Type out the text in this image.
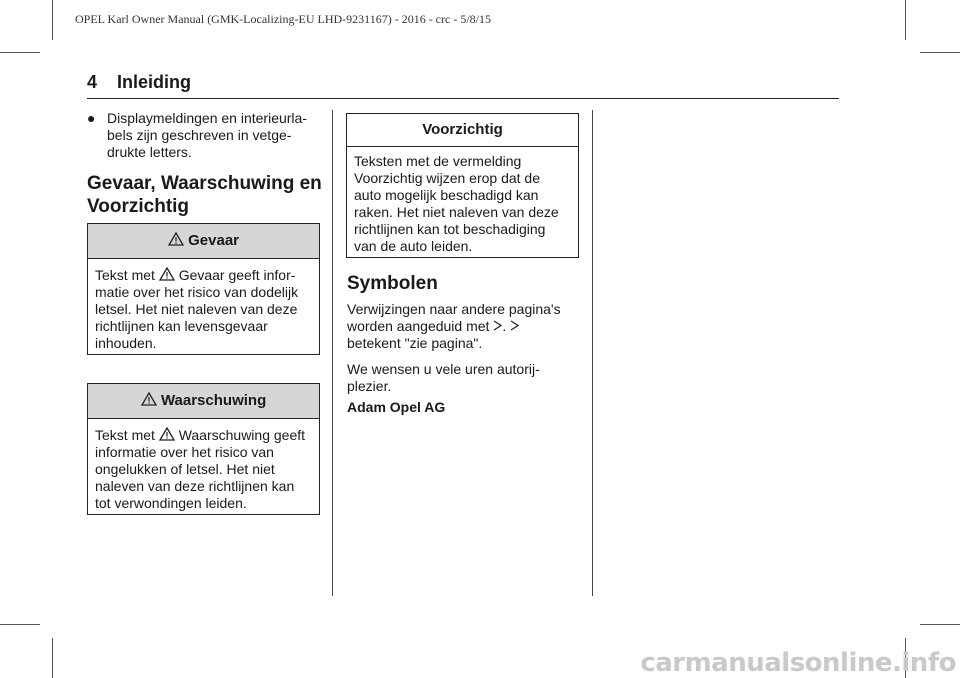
OPEL Karl Owner Manual (GMK-Localizing-EU LHD-9231167) - 2016 - crc - 5/8/15
4 Inleiding
● Displaymeldingen en interieurla-bels zijn geschreven in vetge-drukte letters.
Gevaar, Waarschuwing en Voorzichtig
Gevaar
Tekst met Gevaar geeft infor-matie over het risico van dodelijk letsel. Het niet naleven van deze richtlijnen kan levensgevaar inhouden.
Waarschuwing
Tekst met Waarschuwing geeft informatie over het risico van ongelukken of letsel. Het niet naleven van deze richtlijnen kan tot verwondingen leiden.
Voorzichtig
Teksten met de vermelding Voorzichtig wijzen erop dat de auto mogelijk beschadigd kan raken. Het niet naleven van deze richtlijnen kan tot beschadiging van de auto leiden.
Symbolen
Verwijzingen naar andere pagina's worden aangeduid met .
betekent "zie pagina".
We wensen u vele uren autorij-plezier.
Adam Opel AG
carmanualsonline.info
